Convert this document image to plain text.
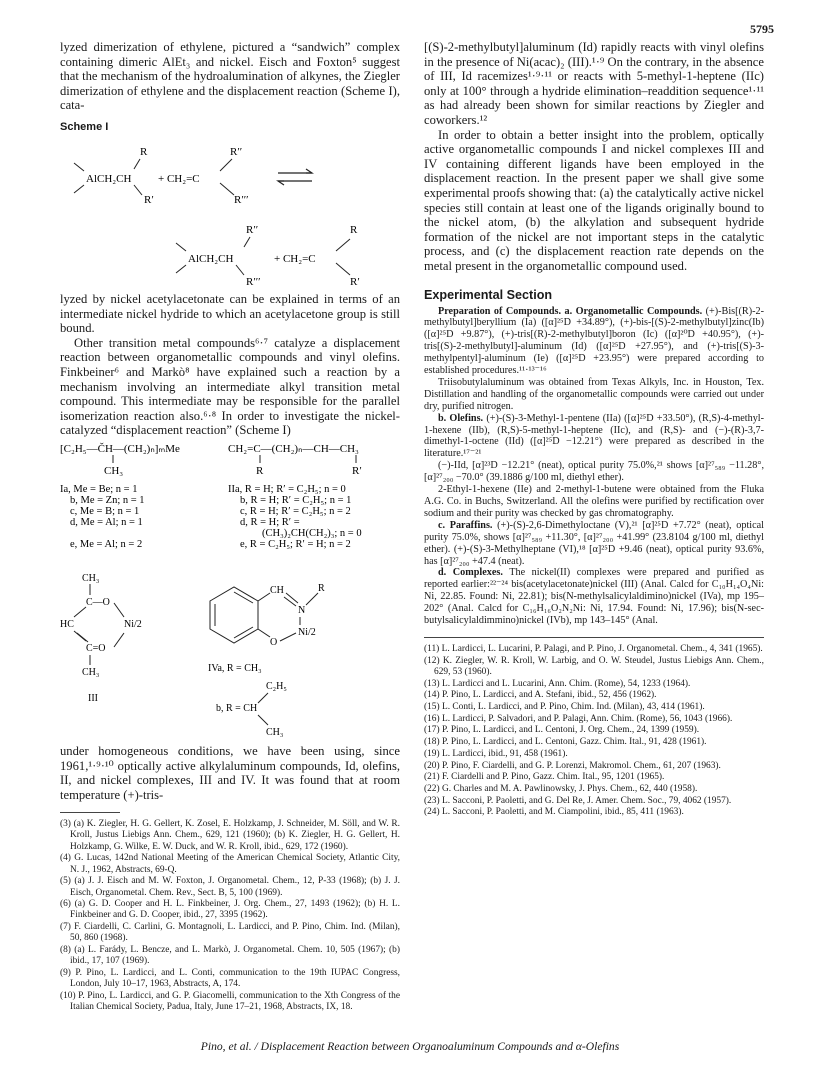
5795

lyzed dimerization of ethylene, pictured a “sandwich” complex containing dimeric AlEt₃ and nickel. Eisch and Foxton⁵ suggest that the mechanism of the hydroalumination of alkynes, the Ziegler dimerization of ethylene and the displacement reaction (Scheme I), cata-

Scheme I
AlCH₂CH
R
R′
+ CH₂=C
R′′
R′′′
R′′
AlCH₂CH
R′′′
+ CH₂=C
R
R′

lyzed by nickel acetylacetonate can be explained in terms of an intermediate nickel hydride to which an acetylacetone group is still bound.

Other transition metal compounds⁶·⁷ catalyze a displacement reaction between organometallic compounds and vinyl olefins. Finkbeiner⁶ and Markò⁸ have explained such a reaction by a mechanism involving an intermediate alkyl transition metal compound. This intermediate may be responsible for the parallel isomerization reaction also.⁶·⁸ In order to investigate the nickel-catalyzed “displacement reaction” (Scheme I)

[C₂H₅—ČH—(CH₂)ₙ]ₘMe
CH₃
CH₂=C—(CH₂)ₙ—CH—CH₃
R	R′
Ia, Me = Be; n = 1
b, Me = Zn; n = 1
c, Me = B; n = 1
d, Me = Al; n = 1
e, Me = Al; n = 2
IIa, R = H; R′ = C₂H₅; n = 0
b, R = H; R′ = C₂H₅; n = 1
c, R = H; R′ = C₂H₅; n = 2
d, R = H; R′ =
(CH₃)₂CH(CH₂)₃; n = 0
e, R = C₂H₅; R′ = H; n = 2

CH₃
C—O
HC	Ni/2
C=O
CH₃
III
CH
N
R
Ni/2
O
IVa, R = CH₃
C₂H₅
b, R = CH
CH₃

under homogeneous conditions, we have been using, since 1961,¹·⁹·¹⁰ optically active alkylaluminum compounds, Id, olefins, II, and nickel complexes, III and IV. It was found that at room temperature (+)-tris-

(3) (a) K. Ziegler, H. G. Gellert, K. Zosel, E. Holzkamp, J. Schneider, M. Söll, and W. R. Kroll, Justus Liebigs Ann. Chem., 629, 121 (1960); (b) K. Ziegler, H. G. Gellert, H. Holzkamp, G. Wilke, E. W. Duck, and W. R. Kroll, ibid., 629, 172 (1960).

(4) G. Lucas, 142nd National Meeting of the American Chemical Society, Atlantic City, N. J., 1962, Abstracts, 69-Q.

(5) (a) J. J. Eisch and M. W. Foxton, J. Organometal. Chem., 12, P-33 (1968); (b) J. J. Eisch, Organometal. Chem. Rev., Sect. B, 5, 100 (1969).

(6) (a) G. D. Cooper and H. L. Finkbeiner, J. Org. Chem., 27, 1493 (1962); (b) H. L. Finkbeiner and G. D. Cooper, ibid., 27, 3395 (1962).

(7) F. Ciardelli, C. Carlini, G. Montagnoli, L. Lardicci, and P. Pino, Chim. Ind. (Milan), 50, 860 (1968).

(8) (a) L. Farády, L. Bencze, and L. Markò, J. Organometal. Chem. 10, 505 (1967); (b) ibid., 17, 107 (1969).

(9) P. Pino, L. Lardicci, and L. Conti, communication to the 19th IUPAC Congress, London, July 10–17, 1963, Abstracts, A, 174.

(10) P. Pino, L. Lardicci, and G. P. Giacomelli, communication to the Xth Congress of the Italian Chemical Society, Padua, Italy, June 17–21, 1968, Abstracts, IX, 18.

[(S)-2-methylbutyl]aluminum (Id) rapidly reacts with vinyl olefins in the presence of Ni(acac)₂ (III).¹·⁹ On the contrary, in the absence of III, Id racemizes¹·⁹·¹¹ or reacts with 5-methyl-1-heptene (IIc) only at 100° through a hydride elimination–readdition sequence¹·¹¹ as had already been shown for similar reactions by Ziegler and coworkers.¹²

In order to obtain a better insight into the problem, optically active organometallic compounds I and nickel complexes III and IV containing different ligands have been employed in the displacement reaction. In the present paper we shall give some experimental proofs showing that: (a) the catalytically active nickel species still contain at least one of the ligands originally bound to the nickel atom, (b) the alkylation and subsequent hydride formation of the nickel are not important steps in the catalytic process, and (c) the displacement reaction rate depends on the metal present in the organometallic compound used.

Experimental Section

Preparation of Compounds. a. Organometallic Compounds. (+)-Bis[(R)-2-methylbutyl]beryllium (Ia) ([α]²⁵D +34.89°), (+)-bis-[(S)-2-methylbutyl]zinc(Ib) ([α]²⁵D +9.87°), (+)-tris[(R)-2-methylbutyl]boron (Ic) ([α]²⁰D +40.95°), (+)-tris[(S)-2-methylbutyl]-aluminum (Id) ([α]²⁵D +27.95°), and (+)-tris[(S)-3-methylpentyl]-aluminum (Ie) ([α]²⁵D +23.95°) were prepared according to established procedures.¹¹·¹³⁻¹⁶

Triisobutylaluminum was obtained from Texas Alkyls, Inc. in Houston, Tex. Distillation and handling of the organometallic compounds were carried out under dry, purified nitrogen.

b. Olefins. (+)-(S)-3-Methyl-1-pentene (IIa) ([α]²⁵D +33.50°), (R,S)-4-methyl-1-hexene (IIb), (R,S)-5-methyl-1-heptene (IIc), and (R,S)- and (−)-(R)-3,7-dimethyl-1-octene (IId) ([α]²⁵D −12.21°) were prepared as described in the literature.¹⁷⁻²¹

(−)-IId, [α]²³D −12.21° (neat), optical purity 75.0%,²¹ shows [α]²⁷₅₈₉ −11.28°, [α]²⁷₂₀₀ −70.0° (39.1886 g/100 ml, diethyl ether).

2-Ethyl-1-hexene (IIe) and 2-methyl-1-butene were obtained from the Fluka A.G. Co. in Buchs, Switzerland. All the olefins were purified by rectification over sodium and their purity was checked by gas chromatography.

c. Paraffins. (+)-(S)-2,6-Dimethyloctane (V),²¹ [α]²⁵D +7.72° (neat), optical purity 75.0%, shows [α]²⁷₅₈₉ +11.30°, [α]²⁷₂₀₀ +41.99° (23.8104 g/100 ml, diethyl ether). (+)-(S)-3-Methylheptane (VI),¹⁸ [α]²⁵D +9.46 (neat), optical purity 93.6%, has [α]²⁷₂₀₀ +47.4 (neat).

d. Complexes. The nickel(II) complexes were prepared and purified as reported earlier:²²⁻²⁴ bis(acetylacetonate)nickel (III) (Anal. Calcd for C₁₀H₁₄O₄Ni: Ni, 22.85. Found: Ni, 22.81); bis(N-methylsalicylaldimino)nickel (IVa), mp 195–202° (Anal. Calcd for C₁₆H₁₆O₂N₂Ni: Ni, 17.94. Found: Ni, 17.96); bis(N-sec-butylsalicylaldimmino)nickel (IVb), mp 143–145° (Anal.

(11) L. Lardicci, L. Lucarini, P. Palagi, and P. Pino, J. Organometal. Chem., 4, 341 (1965).

(12) K. Ziegler, W. R. Kroll, W. Larbig, and O. W. Steudel, Justus Liebigs Ann. Chem., 629, 53 (1960).

(13) L. Lardicci and L. Lucarini, Ann. Chim. (Rome), 54, 1233 (1964).

(14) P. Pino, L. Lardicci, and A. Stefani, ibid., 52, 456 (1962).

(15) L. Conti, L. Lardicci, and P. Pino, Chim. Ind. (Milan), 43, 414 (1961).

(16) L. Lardicci, P. Salvadori, and P. Palagi, Ann. Chim. (Rome), 56, 1043 (1966).

(17) P. Pino, L. Lardicci, and L. Centoni, J. Org. Chem., 24, 1399 (1959).

(18) P. Pino, L. Lardicci, and L. Centoni, Gazz. Chim. Ital., 91, 428 (1961).

(19) L. Lardicci, ibid., 91, 458 (1961).

(20) P. Pino, F. Ciardelli, and G. P. Lorenzi, Makromol. Chem., 61, 207 (1963).

(21) F. Ciardelli and P. Pino, Gazz. Chim. Ital., 95, 1201 (1965).

(22) G. Charles and M. A. Pawlinowsky, J. Phys. Chem., 62, 440 (1958).

(23) L. Sacconi, P. Paoletti, and G. Del Re, J. Amer. Chem. Soc., 79, 4062 (1957).

(24) L. Sacconi, P. Paoletti, and M. Ciampolini, ibid., 85, 411 (1963).

Pino, et al. / Displacement Reaction between Organoaluminum Compounds and α-Olefins
